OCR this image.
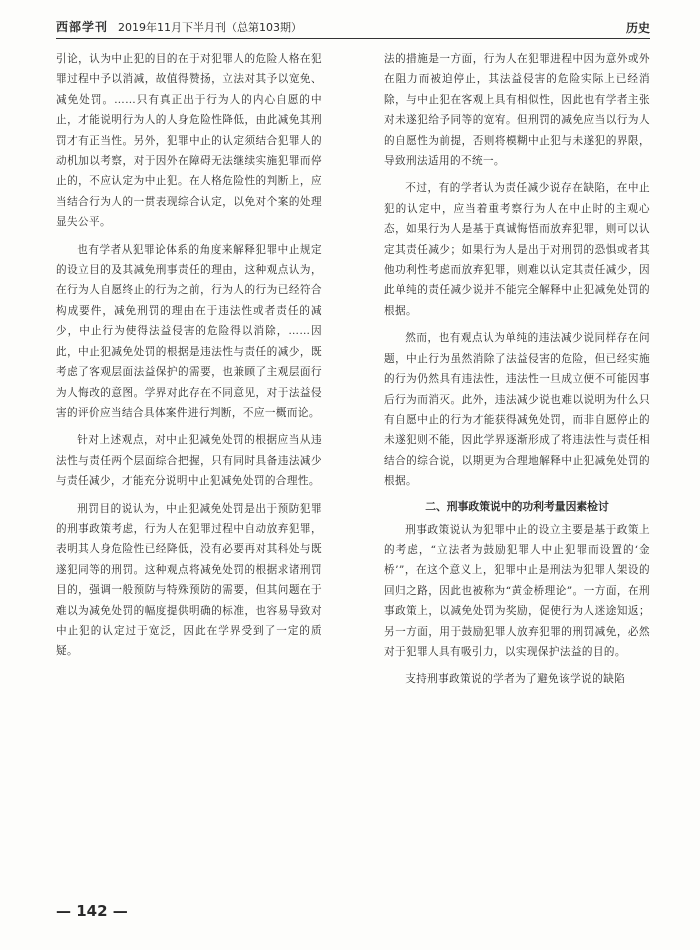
西部学刊 2019年11月下半月刊（总第103期）	历史

引论，认为中止犯的目的在于对犯罪人的危险人格在犯罪过程中予以消减，故值得赞扬，立法对其予以宽免、减免处罚。……只有真正出于行为人的内心自愿的中止，才能说明行为人的人身危险性降低，由此减免其刑罚才有正当性。另外，犯罪中止的认定须结合犯罪人的动机加以考察，对于因外在障碍无法继续实施犯罪而停止的，不应认定为中止犯。在人格危险性的判断上，应当结合行为人的一贯表现综合认定，以免对个案的处理显失公平。

也有学者从犯罪论体系的角度来解释犯罪中止规定的设立目的及其减免刑事责任的理由，这种观点认为，在行为人自愿终止的行为之前，行为人的行为已经符合构成要件，减免刑罚的理由在于违法性或者责任的减少，中止行为使得法益侵害的危险得以消除，……因此，中止犯减免处罚的根据是违法性与责任的减少，既考虑了客观层面法益保护的需要，也兼顾了主观层面行为人悔改的意图。学界对此存在不同意见，对于法益侵害的评价应当结合具体案件进行判断，不应一概而论。

针对上述观点，对中止犯减免处罚的根据应当从违法性与责任两个层面综合把握，只有同时具备违法减少与责任减少，才能充分说明中止犯减免处罚的合理性。

刑罚目的说认为，中止犯减免处罚是出于预防犯罪的刑事政策考虑，行为人在犯罪过程中自动放弃犯罪，表明其人身危险性已经降低，没有必要再对其科处与既遂犯同等的刑罚。这种观点将减免处罚的根据求诸刑罚目的，强调一般预防与特殊预防的需要，但其问题在于难以为减免处罚的幅度提供明确的标准，也容易导致对中止犯的认定过于宽泛，因此在学界受到了一定的质疑。

法的措施是一方面，行为人在犯罪进程中因为意外或外在阻力而被迫停止，其法益侵害的危险实际上已经消除，与中止犯在客观上具有相似性，因此也有学者主张对未遂犯给予同等的宽宥。但刑罚的减免应当以行为人的自愿性为前提，否则将模糊中止犯与未遂犯的界限，导致刑法适用的不统一。

不过，有的学者认为责任减少说存在缺陷，在中止犯的认定中，应当着重考察行为人在中止时的主观心态，如果行为人是基于真诚悔悟而放弃犯罪，则可以认定其责任减少；如果行为人是出于对刑罚的恐惧或者其他功利性考虑而放弃犯罪，则难以认定其责任减少，因此单纯的责任减少说并不能完全解释中止犯减免处罚的根据。

然而，也有观点认为单纯的违法减少说同样存在问题，中止行为虽然消除了法益侵害的危险，但已经实施的行为仍然具有违法性，违法性一旦成立便不可能因事后行为而消灭。此外，违法减少说也难以说明为什么只有自愿中止的行为才能获得减免处罚，而非自愿停止的未遂犯则不能，因此学界逐渐形成了将违法性与责任相结合的综合说，以期更为合理地解释中止犯减免处罚的根据。

二、刑事政策说中的功利考量因素检讨

刑事政策说认为犯罪中止的设立主要是基于政策上的考虑，“立法者为鼓励犯罪人中止犯罪而设置的‘金桥’”，在这个意义上，犯罪中止是刑法为犯罪人架设的回归之路，因此也被称为“黄金桥理论”。一方面，在刑事政策上，以减免处罚为奖励，促使行为人迷途知返；另一方面，用于鼓励犯罪人放弃犯罪的刑罚减免，必然对于犯罪人具有吸引力，以实现保护法益的目的。

支持刑事政策说的学者为了避免该学说的缺陷

— 142 —
